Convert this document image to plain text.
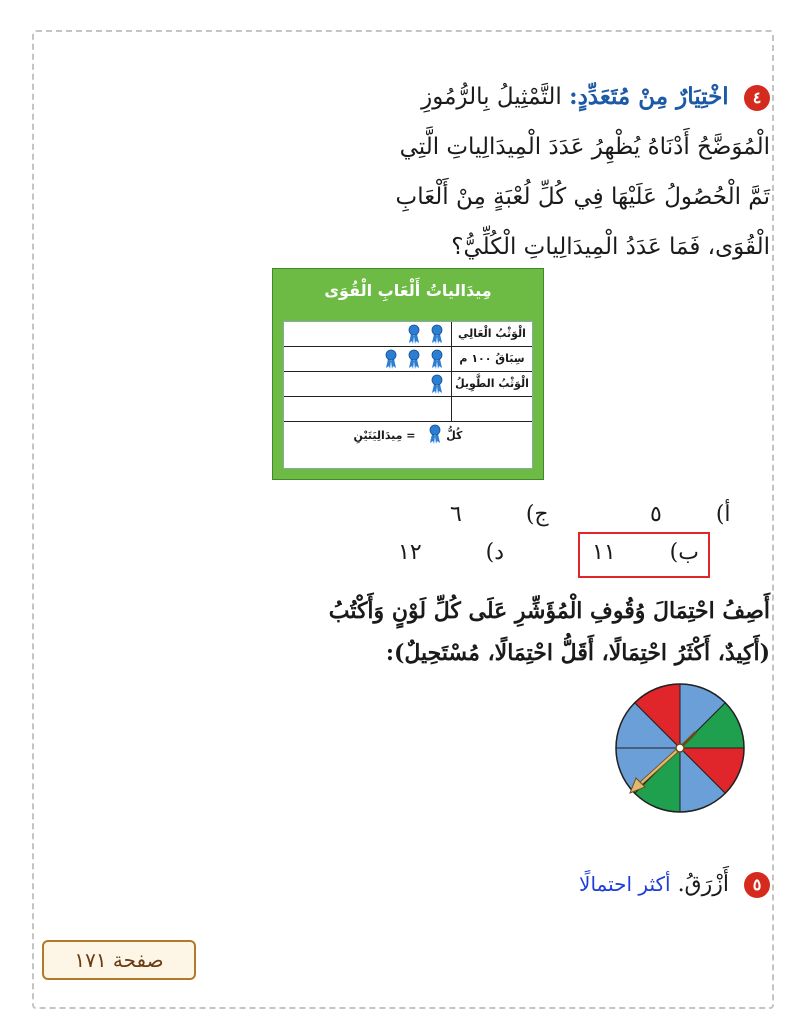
٤ اخْتِيَارٌ مِنْ مُتَعَدِّدٍ: التَّمْثِيلُ بِالرُّمُوزِ
الْمُوَضَّحُ أَدْنَاهُ يُظْهِرُ عَدَدَ الْمِيدَالِياتِ الَّتِي
تَمَّ الْحُصُولُ عَلَيْهَا فِي كُلِّ لُعْبَةٍ مِنْ أَلْعَابِ
الْقُوَى، فَمَا عَدَدُ الْمِيدَالِياتِ الْكُلِّيُّ؟
مِيدَالياتُ أَلْعَابِ الْقُوَى
الْوَثْبُ الْعَالِي
سِبَاقُ ١٠٠ م
الْوَثْبُ الطَّوِيلُ
كُلُّ  = مِيدَالِيَتَيْنِ
أ)  ٥
ج)  ٦
ب)  ١١
د)  ١٢
أَصِفُ احْتِمَالَ وُقُوفِ الْمُؤَشِّرِ عَلَى كُلِّ لَوْنٍ وَأَكْتُبُ
(أَكِيدٌ، أَكْثَرُ احْتِمَالًا، أَقَلُّ احْتِمَالًا، مُسْتَحِيلٌ):
٥ أَزْرَقُ. أكثر احتمالًا
صفحة ١٧١
